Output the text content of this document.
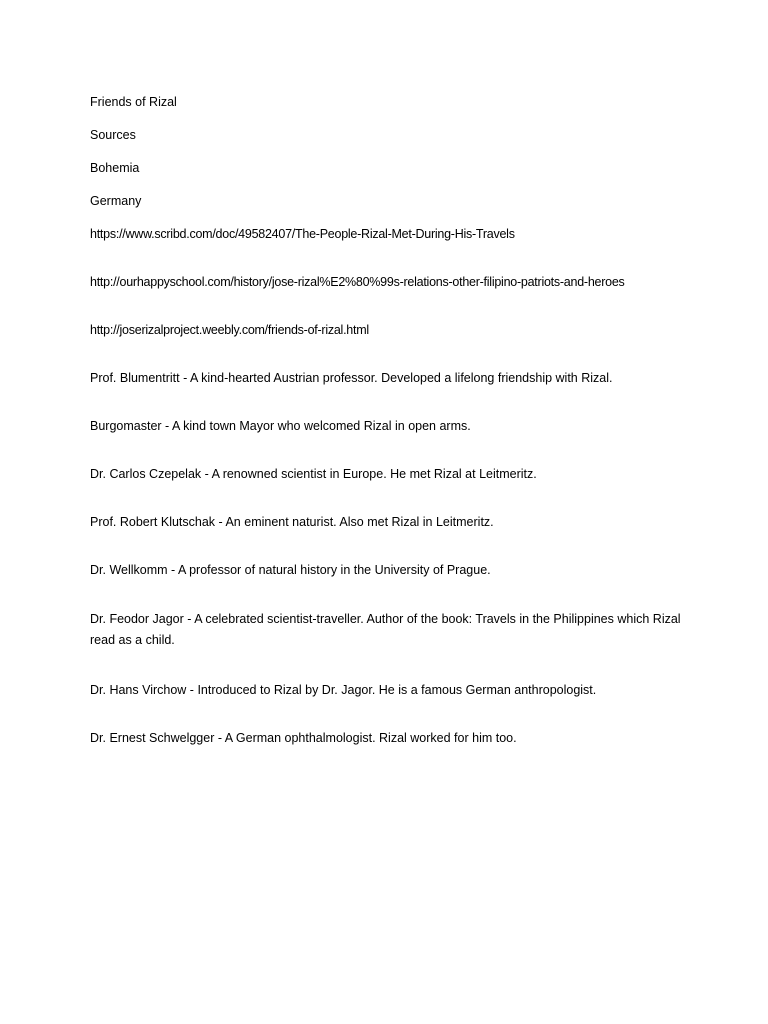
Friends of Rizal
Sources
Bohemia
Germany
https://www.scribd.com/doc/49582407/The-People-Rizal-Met-During-His-Travels
http://ourhappyschool.com/history/jose-rizal%E2%80%99s-relations-other-filipino-patriots-and-heroes
http://joserizalproject.weebly.com/friends-of-rizal.html
Prof. Blumentritt - A kind-hearted Austrian professor. Developed a lifelong friendship with Rizal.
Burgomaster - A kind town Mayor who welcomed Rizal in open arms.
Dr. Carlos Czepelak - A renowned scientist in Europe. He met Rizal at Leitmeritz.
Prof. Robert Klutschak - An eminent naturist. Also met Rizal in Leitmeritz.
Dr. Wellkomm - A professor of natural history in the University of Prague.
Dr. Feodor Jagor - A celebrated scientist-traveller. Author of the book: Travels in the Philippines which Rizal read as a child.
Dr. Hans Virchow - Introduced to Rizal by Dr. Jagor. He is a famous German anthropologist.
Dr. Ernest Schwelgger - A German ophthalmologist. Rizal worked for him too.
